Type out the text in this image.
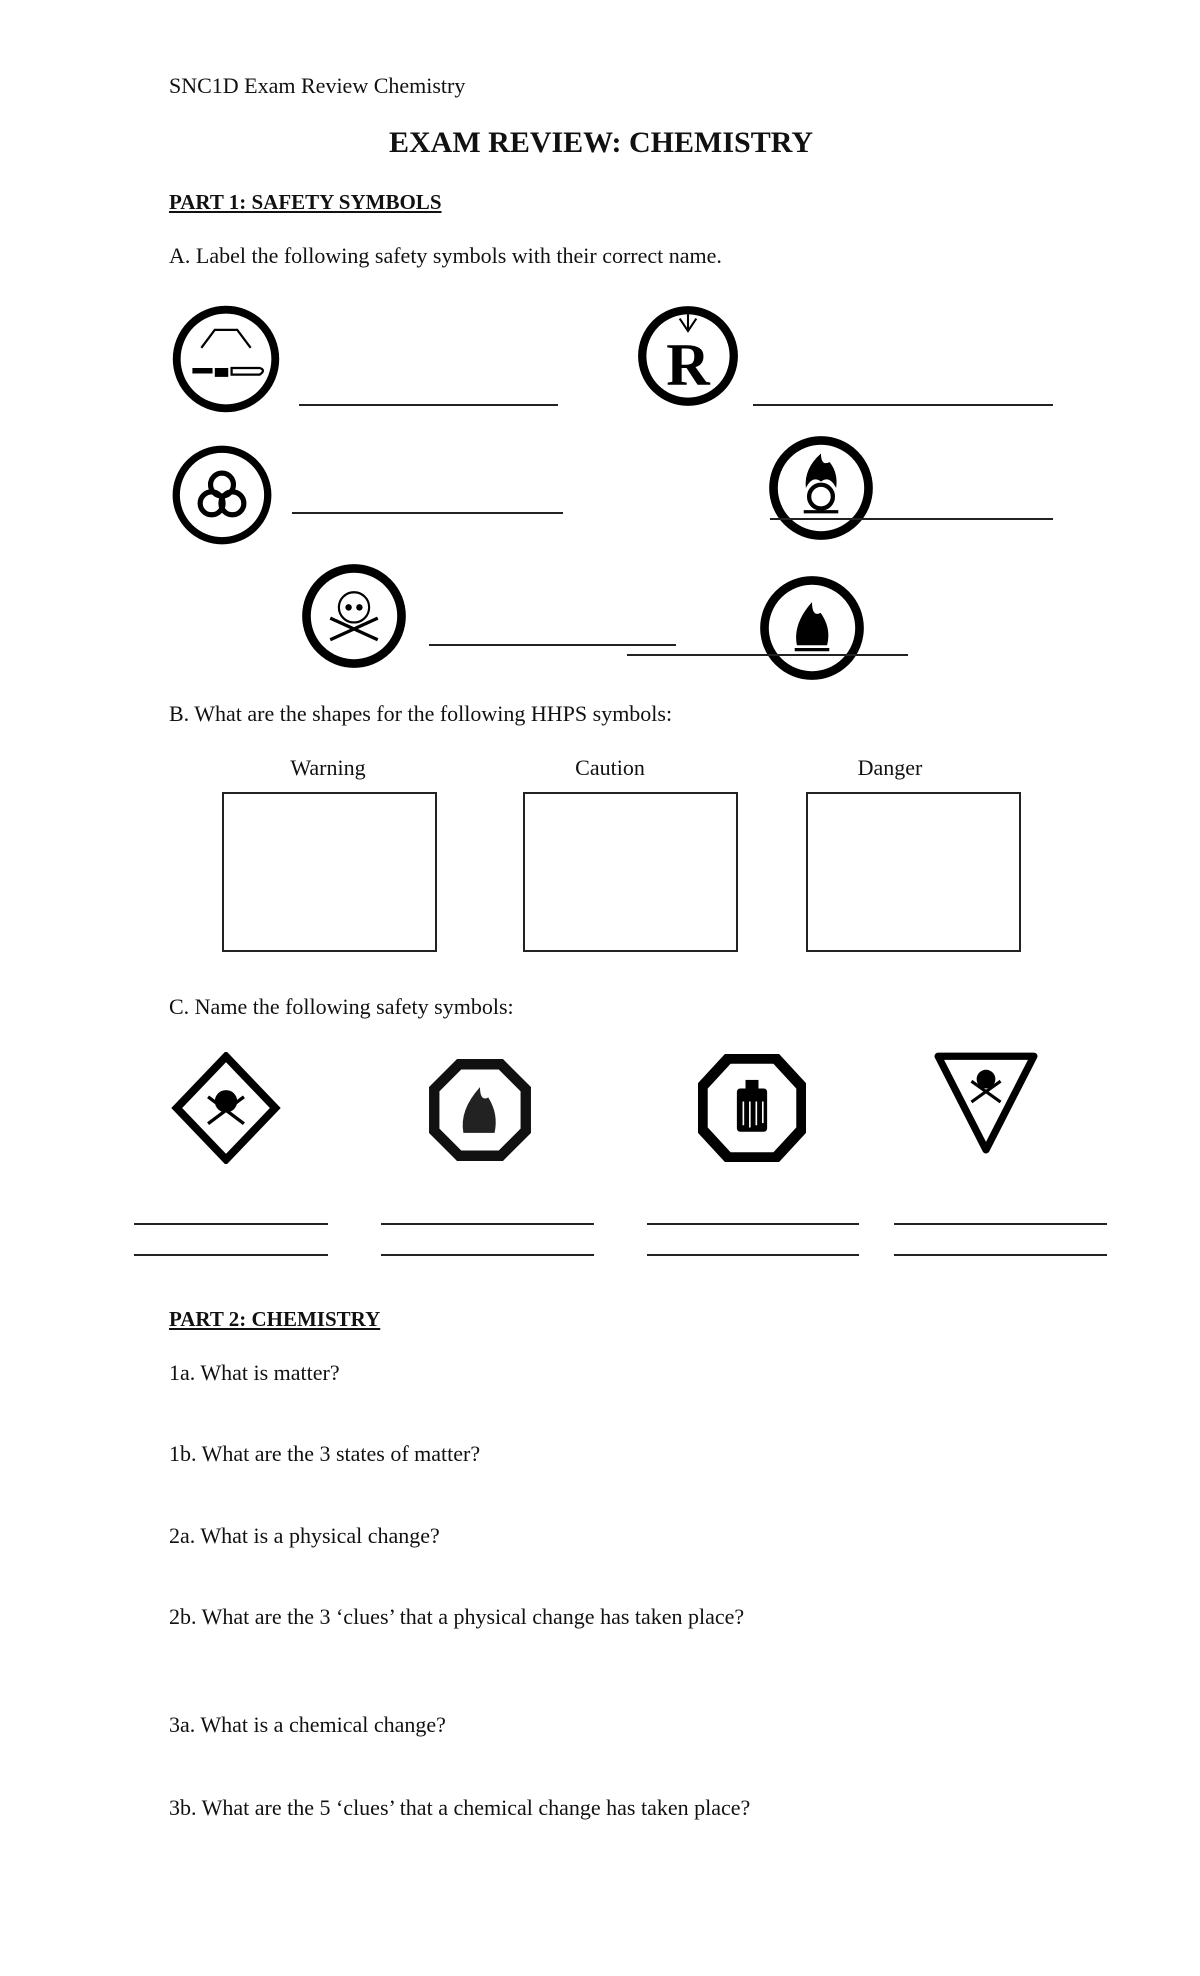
SNC1D Exam Review Chemistry
EXAM REVIEW: CHEMISTRY
PART 1: SAFETY SYMBOLS
A. Label the following safety symbols with their correct name.
R
B. What are the shapes for the following HHPS symbols:
Warning	Caution	Danger
C. Name the following safety symbols:
PART 2: CHEMISTRY
1a. What is matter?
1b. What are the 3 states of matter?
2a. What is a physical change?
2b. What are the 3 ‘clues’ that a physical change has taken place?
3a. What is a chemical change?
3b. What are the 5 ‘clues’ that a chemical change has taken place?
